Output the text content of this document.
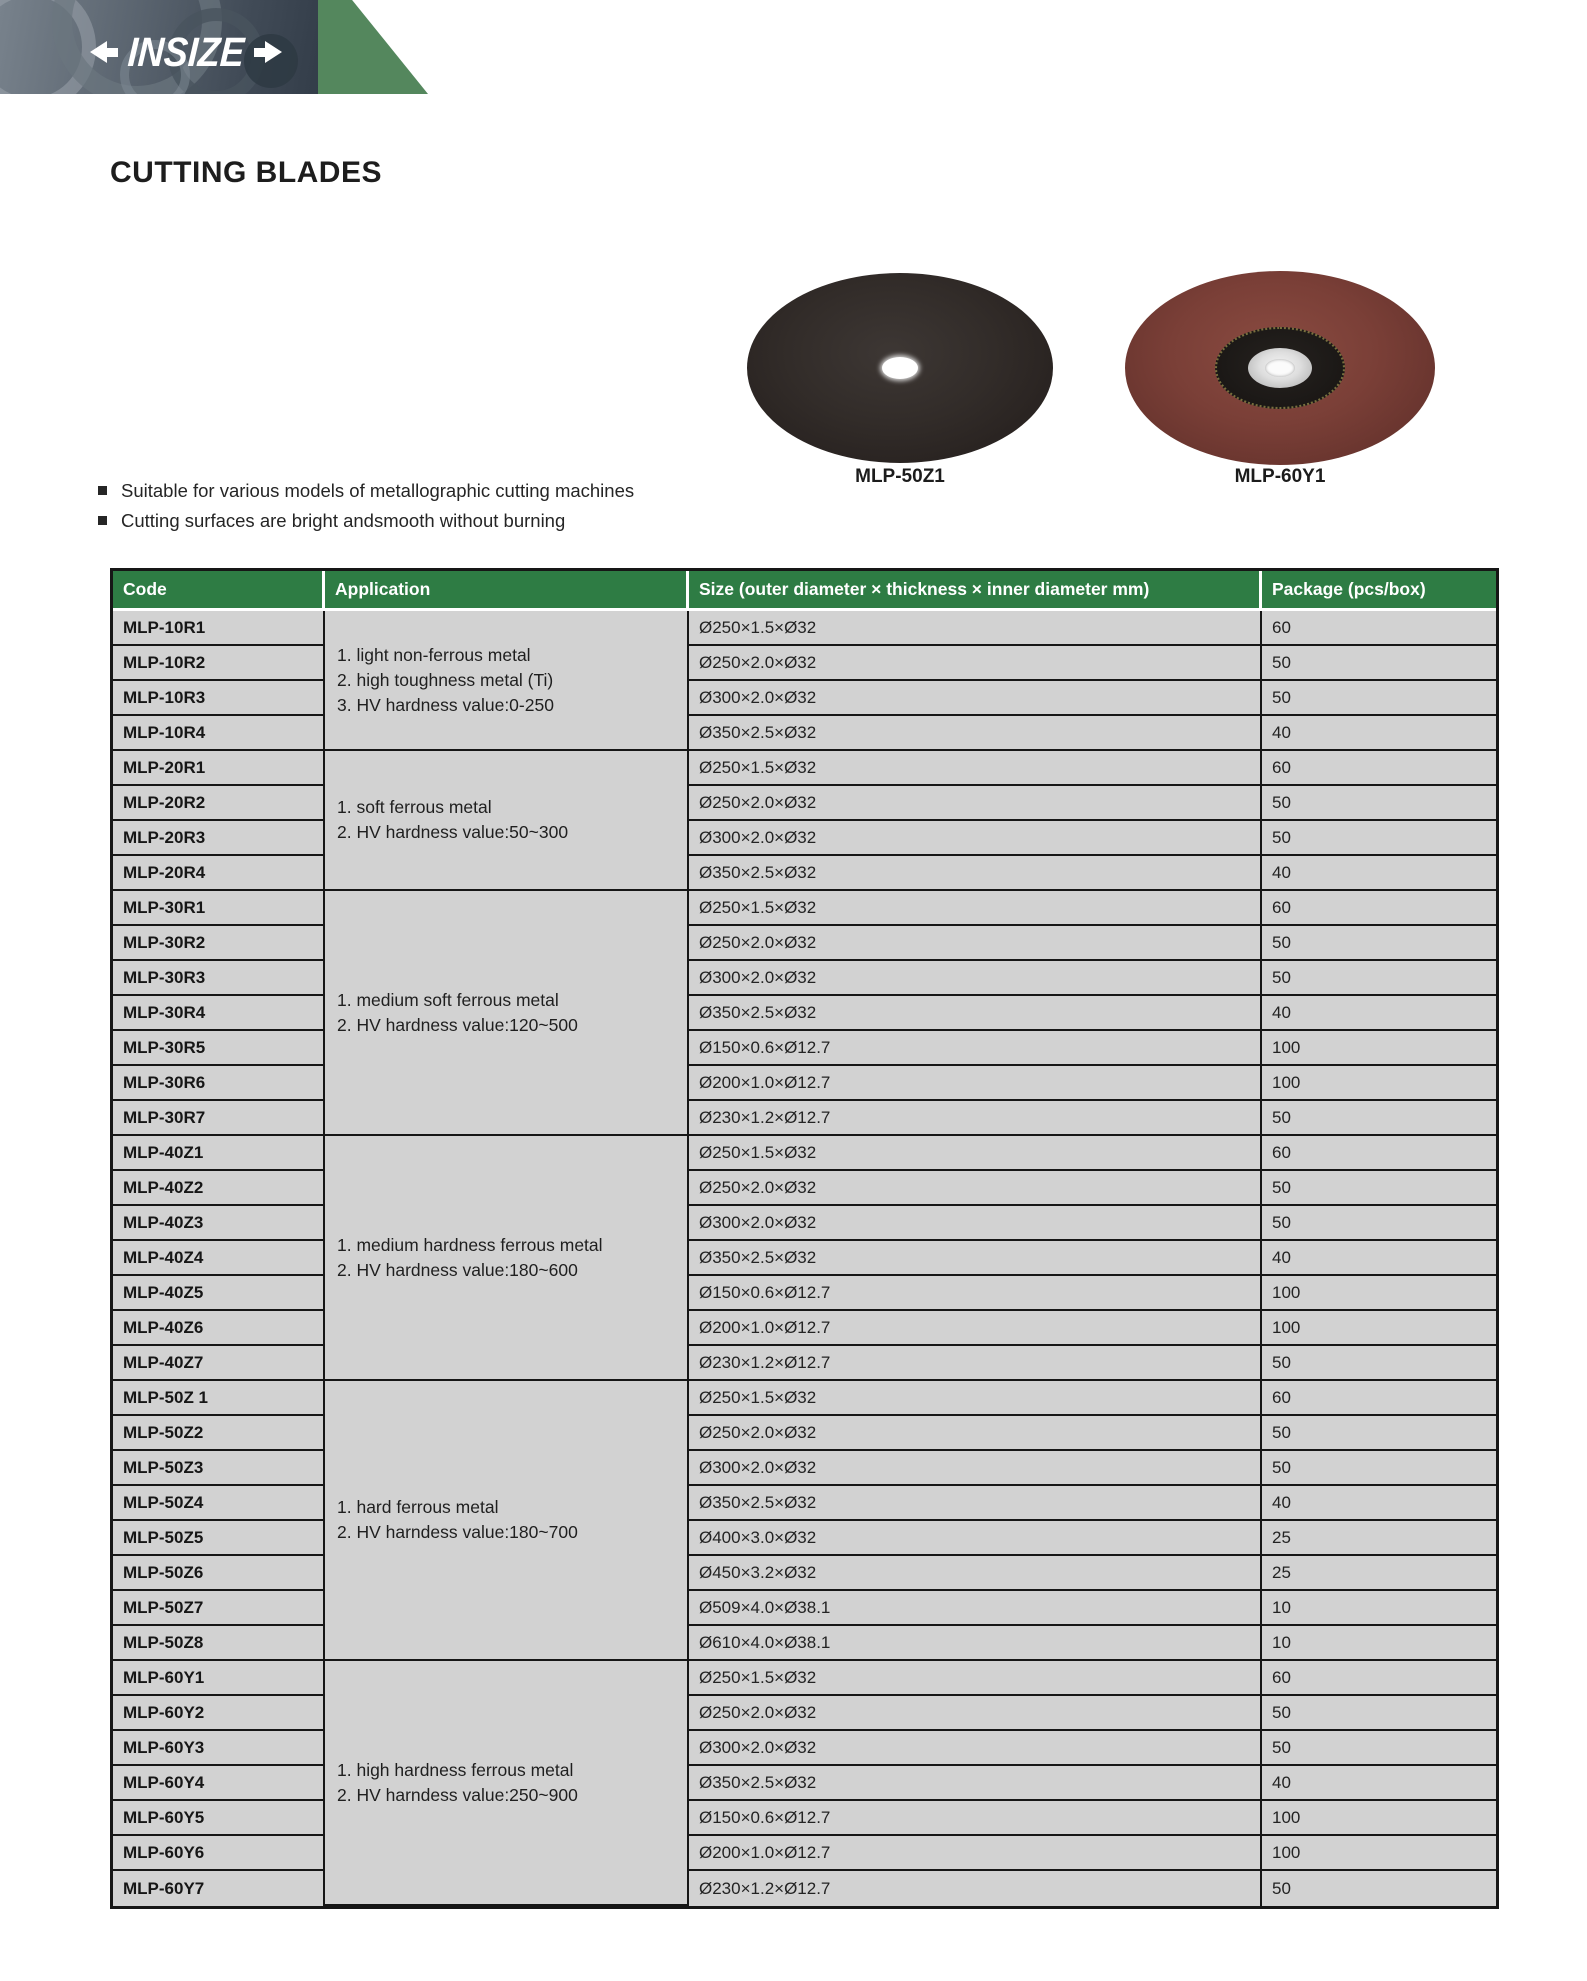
INSIZE
CUTTING BLADES
MLP-50Z1	MLP-60Y1
Suitable for various models of metallographic cutting machines
Cutting surfaces are bright andsmooth without burning
Code	Application	Size (outer diameter × thickness × inner diameter mm)	Package (pcs/box)
MLP-10R1	1. light non-ferrous metal
2. high toughness metal (Ti)
3. HV hardness value:0-250	Ø250×1.5×Ø32	60
MLP-10R2		Ø250×2.0×Ø32	50
MLP-10R3		Ø300×2.0×Ø32	50
MLP-10R4		Ø350×2.5×Ø32	40
MLP-20R1	1. soft ferrous metal
2. HV hardness value:50~300	Ø250×1.5×Ø32	60
MLP-20R2		Ø250×2.0×Ø32	50
MLP-20R3		Ø300×2.0×Ø32	50
MLP-20R4		Ø350×2.5×Ø32	40
MLP-30R1	1. medium soft ferrous metal
2. HV hardness value:120~500	Ø250×1.5×Ø32	60
MLP-30R2		Ø250×2.0×Ø32	50
MLP-30R3		Ø300×2.0×Ø32	50
MLP-30R4		Ø350×2.5×Ø32	40
MLP-30R5		Ø150×0.6×Ø12.7	100
MLP-30R6		Ø200×1.0×Ø12.7	100
MLP-30R7		Ø230×1.2×Ø12.7	50
MLP-40Z1	1. medium hardness ferrous metal
2. HV hardness value:180~600	Ø250×1.5×Ø32	60
MLP-40Z2		Ø250×2.0×Ø32	50
MLP-40Z3		Ø300×2.0×Ø32	50
MLP-40Z4		Ø350×2.5×Ø32	40
MLP-40Z5		Ø150×0.6×Ø12.7	100
MLP-40Z6		Ø200×1.0×Ø12.7	100
MLP-40Z7		Ø230×1.2×Ø12.7	50
MLP-50Z 1	1. hard ferrous metal
2. HV harndess value:180~700	Ø250×1.5×Ø32	60
MLP-50Z2		Ø250×2.0×Ø32	50
MLP-50Z3		Ø300×2.0×Ø32	50
MLP-50Z4		Ø350×2.5×Ø32	40
MLP-50Z5		Ø400×3.0×Ø32	25
MLP-50Z6		Ø450×3.2×Ø32	25
MLP-50Z7		Ø509×4.0×Ø38.1	10
MLP-50Z8		Ø610×4.0×Ø38.1	10
MLP-60Y1	1. high hardness ferrous metal
2. HV harndess value:250~900	Ø250×1.5×Ø32	60
MLP-60Y2		Ø250×2.0×Ø32	50
MLP-60Y3		Ø300×2.0×Ø32	50
MLP-60Y4		Ø350×2.5×Ø32	40
MLP-60Y5		Ø150×0.6×Ø12.7	100
MLP-60Y6		Ø200×1.0×Ø12.7	100
MLP-60Y7		Ø230×1.2×Ø12.7	50
